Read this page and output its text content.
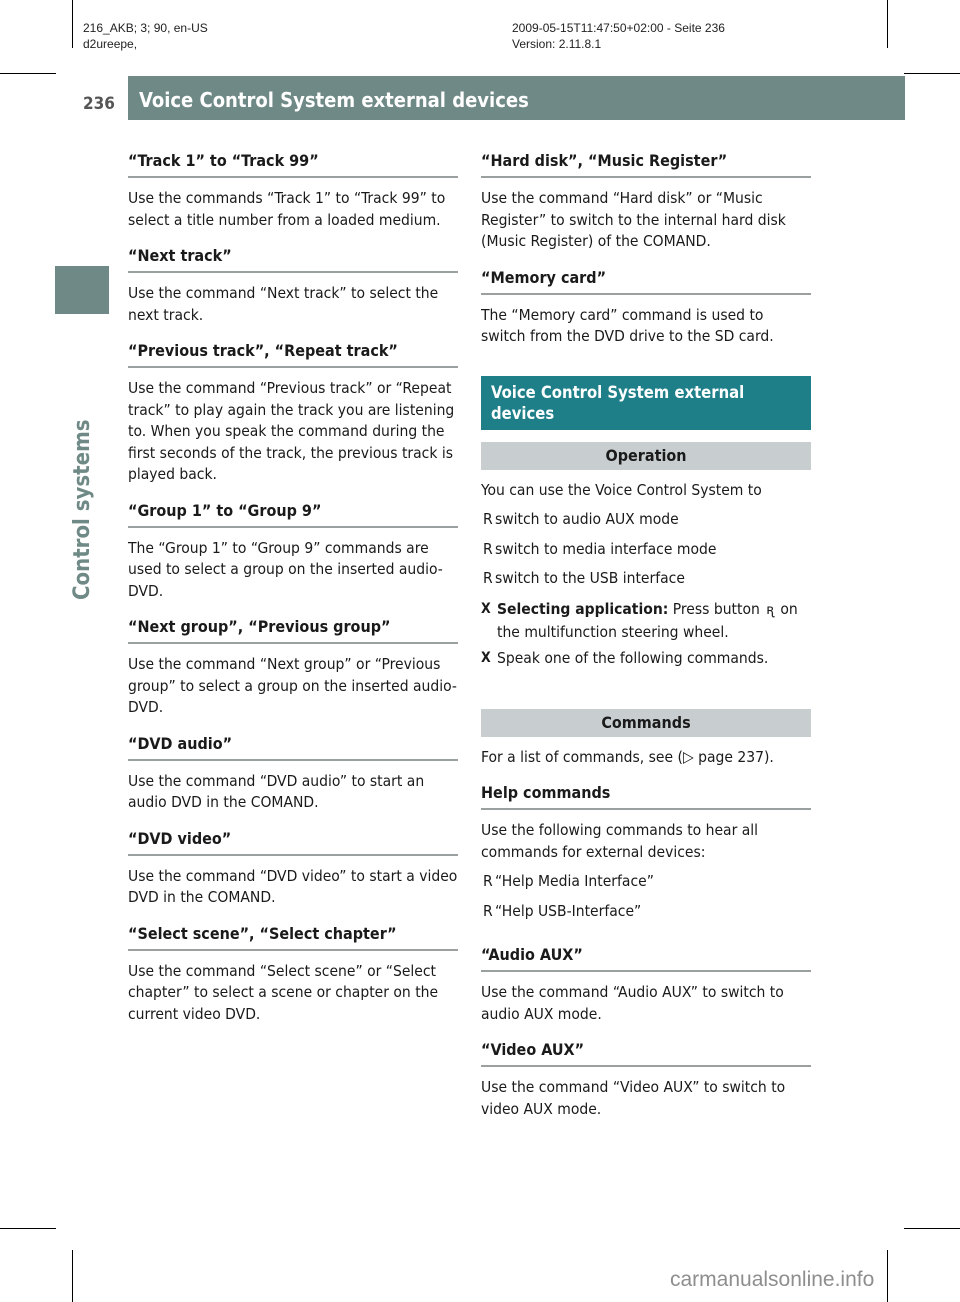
216_AKB; 3; 90, en-US
d2ureepe,
2009-05-15T11:47:50+02:00 - Seite 236
Version: 2.11.8.1
236 Voice Control System external devices
Control systems
“Track 1” to “Track 99”

Use the commands “Track 1” to “Track 99” to select a title number from a loaded medium.

“Next track”

Use the command “Next track” to select the next track.

“Previous track”, “Repeat track”

Use the command “Previous track” or “Repeat track” to play again the track you are listening to. When you speak the command during the first seconds of the track, the previous track is played back.

“Group 1” to “Group 9”

The “Group 1” to “Group 9” commands are used to select a group on the inserted audio-DVD.

“Next group”, “Previous group”

Use the command “Next group” or “Previous group” to select a group on the inserted audio-DVD.

“DVD audio”

Use the command “DVD audio” to start an audio DVD in the COMAND.

“DVD video”

Use the command “DVD video” to start a video DVD in the COMAND.

“Select scene”, “Select chapter”

Use the command “Select scene” or “Select chapter” to select a scene or chapter on the current video DVD.

“Hard disk”, “Music Register”

Use the command “Hard disk” or “Music Register” to switch to the internal hard disk (Music Register) of the COMAND.

“Memory card”

The “Memory card” command is used to switch from the DVD drive to the SD card.

Voice Control System external devices
Operation

You can use the Voice Control System to

R switch to audio AUX mode
R switch to media interface mode
R switch to the USB interface
X Selecting application: Press button ꭆ on the multifunction steering wheel.
X Speak one of the following commands.
Commands

For a list of commands, see (▷ page 237).

Help commands

Use the following commands to hear all commands for external devices:

R “Help Media Interface”
R “Help USB-Interface”
“Audio AUX”

Use the command “Audio AUX” to switch to audio AUX mode.

“Video AUX”

Use the command “Video AUX” to switch to video AUX mode.

carmanualsonline.info
